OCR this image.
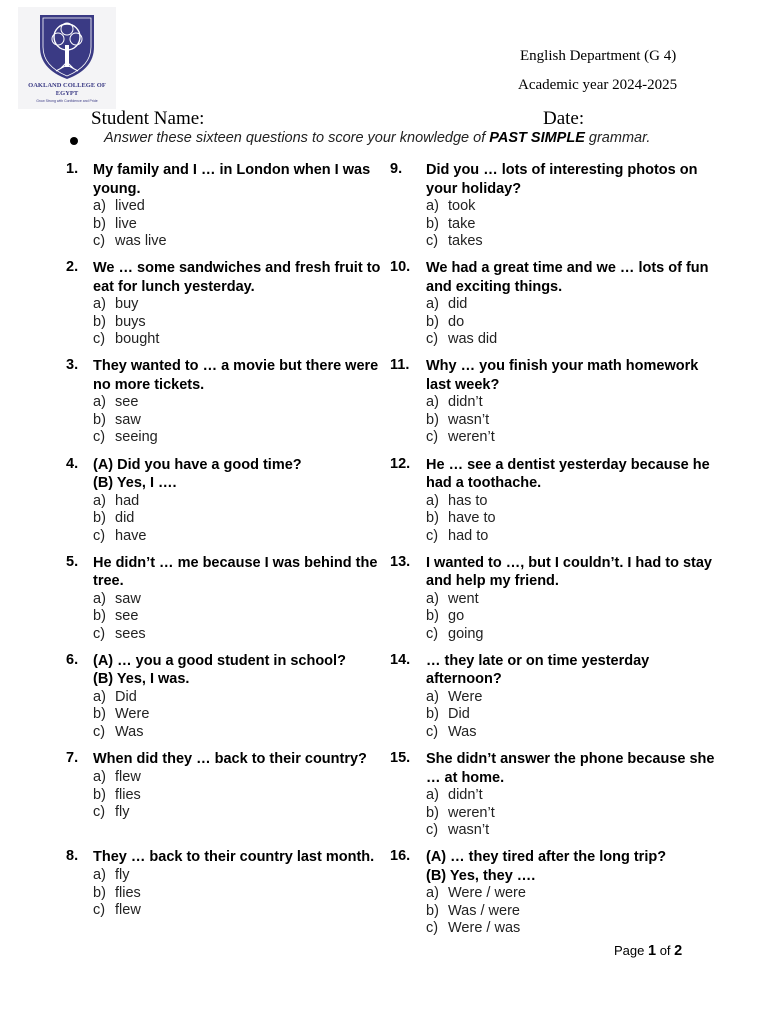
OAKLAND COLLEGE OF
EGYPT
Grow Strong with Confidence and Pride
English Department (G 4)
Academic year 2024-2025
Student Name:	Date:
Answer these sixteen questions to score your knowledge of PAST SIMPLE grammar.
1. My family and I … in London when I was young.
a) lived
b) live
c) was live
2. We … some sandwiches and fresh fruit to eat for lunch yesterday.
a) buy
b) buys
c) bought
3. They wanted to … a movie but there were no more tickets.
a) see
b) saw
c) seeing
4. (A) Did you have a good time?
(B) Yes, I ….
a) had
b) did
c) have
5. He didn’t … me because I was behind the tree.
a) saw
b) see
c) sees
6. (A) … you a good student in school?
(B) Yes, I was.
a) Did
b) Were
c) Was
7. When did they … back to their country?
a) flew
b) flies
c) fly
8. They … back to their country last month.
a) fly
b) flies
c) flew
9. Did you … lots of interesting photos on your holiday?
a) took
b) take
c) takes
10. We had a great time and we … lots of fun and exciting things.
a) did
b) do
c) was did
11. Why … you finish your math homework last week?
a) didn’t
b) wasn’t
c) weren’t
12. He … see a dentist yesterday because he had a toothache.
a) has to
b) have to
c) had to
13. I wanted to …, but I couldn’t. I had to stay and help my friend.
a) went
b) go
c) going
14. … they late or on time yesterday afternoon?
a) Were
b) Did
c) Was
15. She didn’t answer the phone because she … at home.
a) didn’t
b) weren’t
c) wasn’t
16. (A) … they tired after the long trip?
(B) Yes, they ….
a) Were / were
b) Was / were
c) Were / was
Page 1 of 2
